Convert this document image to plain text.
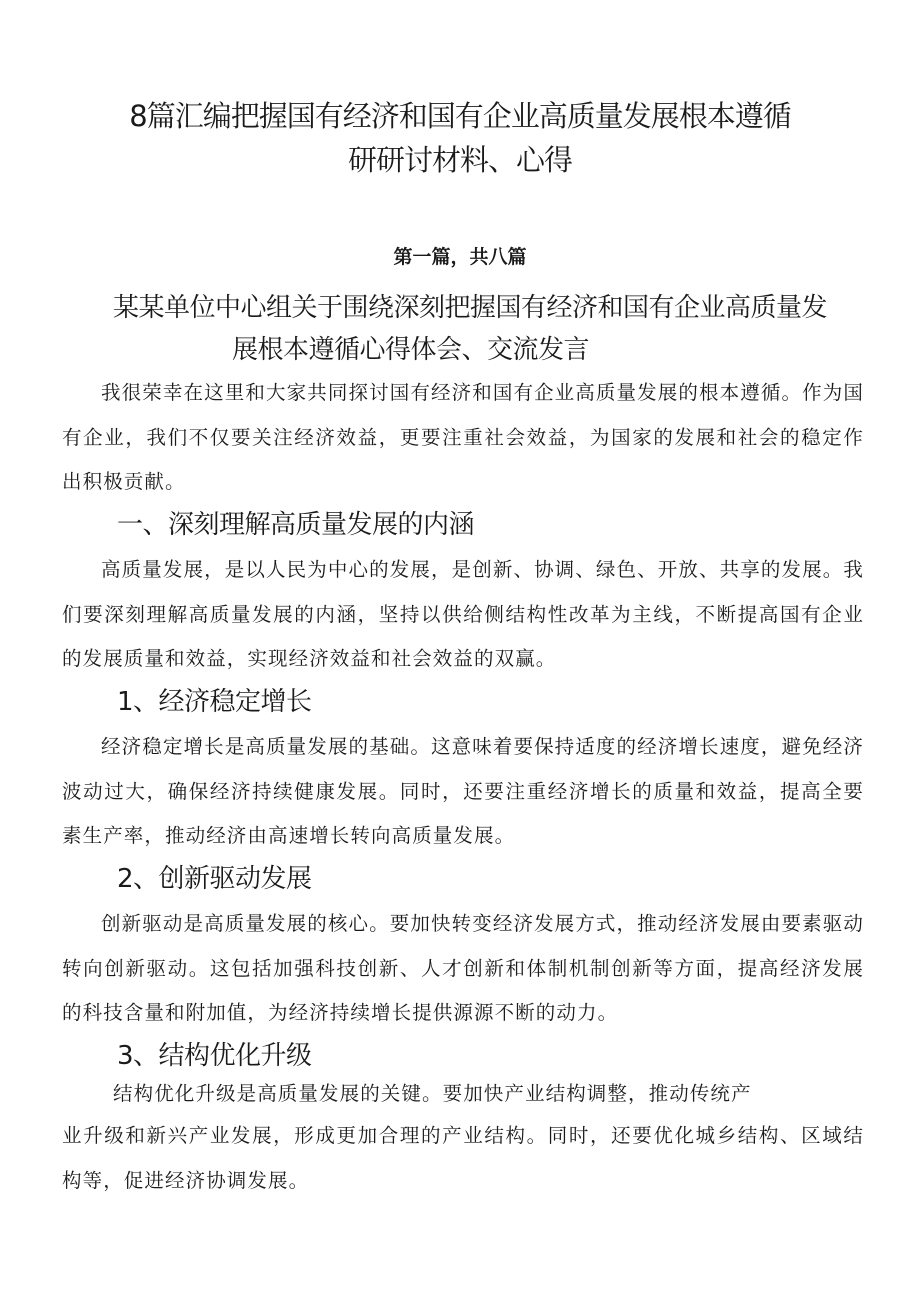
8篇汇编把握国有经济和国有企业高质量发展根本遵循
研研讨材料、心得

第一篇，共八篇

某某单位中心组关于围绕深刻把握国有经济和国有企业高质量发
展根本遵循心得体会、交流发言

我很荣幸在这里和大家共同探讨国有经济和国有企业高质量发展的根本遵循。作为国有企业，我们不仅要关注经济效益，更要注重社会效益，为国家的发展和社会的稳定作出积极贡献。

一、深刻理解高质量发展的内涵

高质量发展，是以人民为中心的发展，是创新、协调、绿色、开放、共享的发展。我们要深刻理解高质量发展的内涵，坚持以供给侧结构性改革为主线，不断提高国有企业的发展质量和效益，实现经济效益和社会效益的双赢。

1、经济稳定增长

经济稳定增长是高质量发展的基础。这意味着要保持适度的经济增长速度，避免经济波动过大，确保经济持续健康发展。同时，还要注重经济增长的质量和效益，提高全要素生产率，推动经济由高速增长转向高质量发展。

2、创新驱动发展

创新驱动是高质量发展的核心。要加快转变经济发展方式，推动经济发展由要素驱动转向创新驱动。这包括加强科技创新、人才创新和体制机制创新等方面，提高经济发展的科技含量和附加值，为经济持续增长提供源源不断的动力。

3、结构优化升级

结构优化升级是高质量发展的关键。要加快产业结构调整，推动传统产

业升级和新兴产业发展，形成更加合理的产业结构。同时，还要优化城乡结构、区域结构等，促进经济协调发展。
